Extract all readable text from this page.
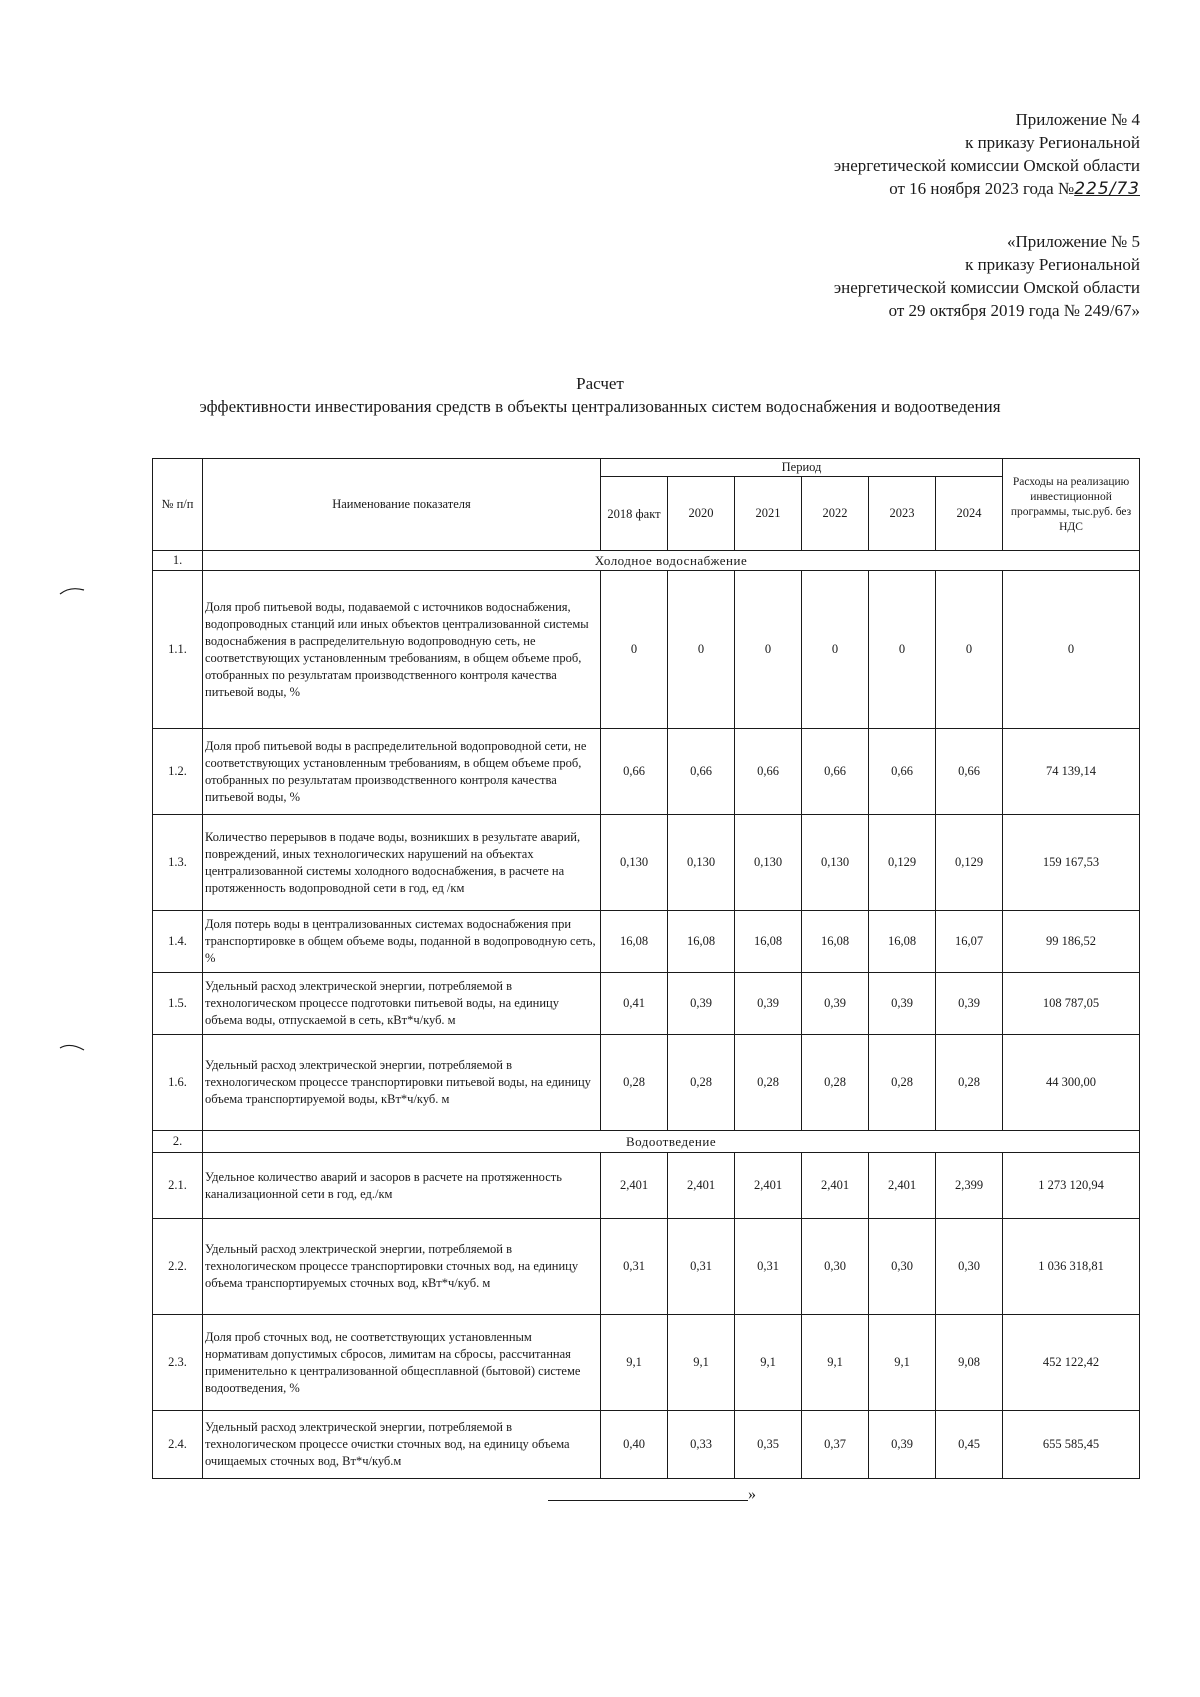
Приложение № 4
к приказу Региональной
энергетической комиссии Омской области
от 16 ноября 2023 года №225/73
«Приложение № 5
к приказу Региональной
энергетической комиссии Омской области
от 29 октября 2019 года № 249/67»
Расчет
эффективности инвестирования средств в объекты централизованных систем водоснабжения и водоотведения
№ п/п	Наименование показателя	Период						Расходы на реализацию инвестиционной программы, тыс.руб. без НДС
		2018 факт	2020	2021	2022	2023	2024	
1.	Холодное водоснабжение							
1.1.	Доля проб питьевой воды, подаваемой с источников водоснабжения, водопроводных станций или иных объектов централизованной системы водоснабжения в распределительную водопроводную сеть, не соответствующих установленным требованиям, в общем объеме проб, отобранных по результатам производственного контроля качества питьевой воды, %	0	0	0	0	0	0	0
1.2.	Доля проб питьевой воды в распределительной водопроводной сети, не соответствующих установленным требованиям, в общем объеме проб, отобранных по результатам производственного контроля качества питьевой воды, %	0,66	0,66	0,66	0,66	0,66	0,66	74 139,14
1.3.	Количество перерывов в подаче воды, возникших в результате аварий, повреждений, иных технологических нарушений на объектах централизованной системы холодного водоснабжения, в расчете на протяженность водопроводной сети в год, ед /км	0,130	0,130	0,130	0,130	0,129	0,129	159 167,53
1.4.	Доля потерь воды в централизованных системах водоснабжения при транспортировке в общем объеме воды, поданной в водопроводную сеть, %	16,08	16,08	16,08	16,08	16,08	16,07	99 186,52
1.5.	Удельный расход электрической энергии, потребляемой в технологическом процессе подготовки питьевой воды, на единицу объема воды, отпускаемой в сеть, кВт*ч/куб. м	0,41	0,39	0,39	0,39	0,39	0,39	108 787,05
1.6.	Удельный расход электрической энергии, потребляемой в технологическом процессе транспортировки питьевой воды, на единицу объема транспортируемой воды, кВт*ч/куб. м	0,28	0,28	0,28	0,28	0,28	0,28	44 300,00
2.	Водоотведение							
2.1.	Удельное количество аварий и засоров в расчете на протяженность канализационной сети в год, ед./км	2,401	2,401	2,401	2,401	2,401	2,399	1 273 120,94
2.2.	Удельный расход электрической энергии, потребляемой в технологическом процессе транспортировки сточных вод, на единицу объема транспортируемых сточных вод, кВт*ч/куб. м	0,31	0,31	0,31	0,30	0,30	0,30	1 036 318,81
2.3.	Доля проб сточных вод, не соответствующих установленным нормативам допустимых сбросов, лимитам на сбросы, рассчитанная применительно к централизованной общесплавной (бытовой) системе водоотведения, %	9,1	9,1	9,1	9,1	9,1	9,08	452 122,42
2.4.	Удельный расход электрической энергии, потребляемой в технологическом процессе очистки сточных вод, на единицу объема очищаемых сточных вод, Вт*ч/куб.м	0,40	0,33	0,35	0,37	0,39	0,45	655 585,45
»
